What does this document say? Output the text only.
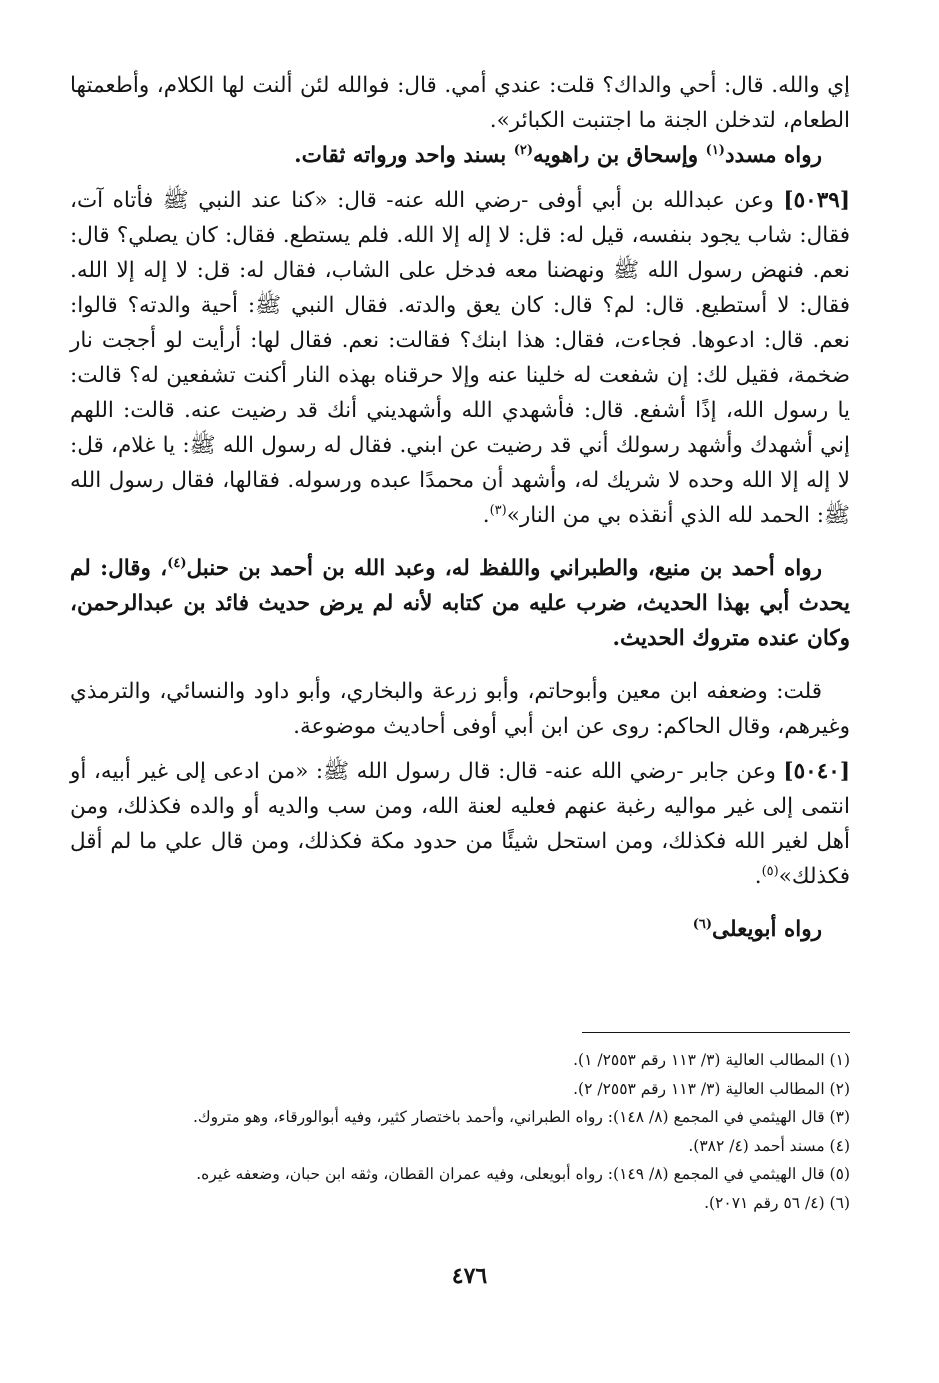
إي والله. قال: أحي والداك؟ قلت: عندي أمي. قال: فوالله لئن ألنت لها الكلام، وأطعمتها الطعام، لتدخلن الجنة ما اجتنبت الكبائر».

رواه مسدد$^{(١)}$ وإسحاق بن راهويه$^{(٢)}$ بسند واحد ورواته ثقات.

[٥٠٣٩] وعن عبدالله بن أبي أوفى -رضي الله عنه- قال: «كنا عند النبي ﷺ فأتاه آت، فقال: شاب يجود بنفسه، قيل له: قل: لا إله إلا الله. فلم يستطع. فقال: كان يصلي؟ قال: نعم. فنهض رسول الله ﷺ ونهضنا معه فدخل على الشاب، فقال له: قل: لا إله إلا الله. فقال: لا أستطيع. قال: لم؟ قال: كان يعق والدته. فقال النبي ﷺ: أحية والدته؟ قالوا: نعم. قال: ادعوها. فجاءت، فقال: هذا ابنك؟ فقالت: نعم. فقال لها: أرأيت لو أججت نار ضخمة، فقيل لك: إن شفعت له خلينا عنه وإلا حرقناه بهذه النار أكنت تشفعين له؟ قالت: يا رسول الله، إذًا أشفع. قال: فأشهدي الله وأشهديني أنك قد رضيت عنه. قالت: اللهم إني أشهدك وأشهد رسولك أني قد رضيت عن ابني. فقال له رسول الله ﷺ: يا غلام، قل: لا إله إلا الله وحده لا شريك له، وأشهد أن محمدًا عبده ورسوله. فقالها، فقال رسول الله ﷺ: الحمد لله الذي أنقذه بي من النار»$^{(٣)}$.

رواه أحمد بن منيع، والطبراني واللفظ له، وعبد الله بن أحمد بن حنبل$^{(٤)}$، وقال: لم يحدث أبي بهذا الحديث، ضرب عليه من كتابه لأنه لم يرض حديث فائد بن عبدالرحمن، وكان عنده متروك الحديث.

قلت: وضعفه ابن معين وأبوحاتم، وأبو زرعة والبخاري، وأبو داود والنسائي، والترمذي وغيرهم، وقال الحاكم: روى عن ابن أبي أوفى أحاديث موضوعة.

[٥٠٤٠] وعن جابر -رضي الله عنه- قال: قال رسول الله ﷺ: «من ادعى إلى غير أبيه، أو انتمى إلى غير مواليه رغبة عنهم فعليه لعنة الله، ومن سب والديه أو والده فكذلك، ومن أهل لغير الله فكذلك، ومن استحل شيئًا من حدود مكة فكذلك، ومن قال علي ما لم أقل فكذلك»$^{(٥)}$.

رواه أبويعلى$^{(٦)}$

(١) المطالب العالية (٣/ ١١٣ رقم ٢٥٥٣/ ١).
(٢) المطالب العالية (٣/ ١١٣ رقم ٢٥٥٣/ ٢).
(٣) قال الهيثمي في المجمع (٨/ ١٤٨): رواه الطبراني، وأحمد باختصار كثير، وفيه أبوالورقاء، وهو متروك.
(٤) مسند أحمد (٤/ ٣٨٢).
(٥) قال الهيثمي في المجمع (٨/ ١٤٩): رواه أبويعلى، وفيه عمران القطان، وثقه ابن حبان، وضعفه غيره.
(٦) (٤/ ٥٦ رقم ٢٠٧١).
٤٧٦
